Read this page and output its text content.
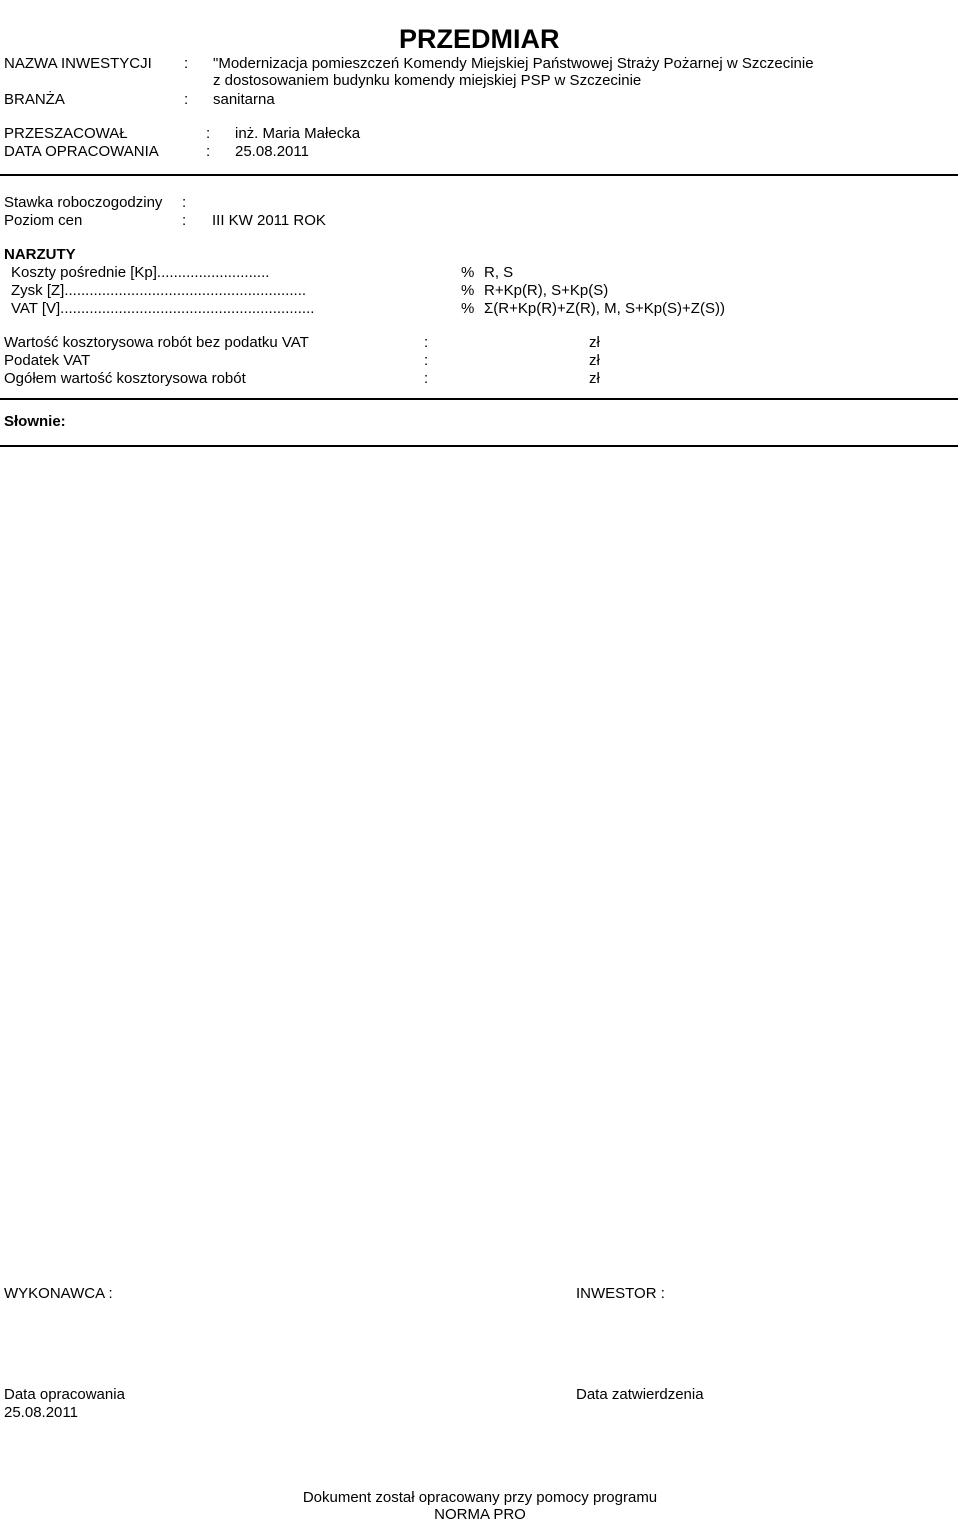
PRZEDMIAR
NAZWA INWESTYCJI : "Modernizacja pomieszczeń Komendy Miejskiej Państwowej Straży Pożarnej w Szczecinie
z dostosowaniem budynku komendy miejskiej PSP w Szczecinie
BRANŻA	: sanitarna
PRZESZACOWAŁ	: inż. Maria Małecka
DATA OPRACOWANIA	: 25.08.2011
Stawka roboczogodziny :
Poziom cen	: III KW 2011 ROK
NARZUTY
Koszty pośrednie [Kp]...........................	% R, S
Zysk [Z]..........................................................	% R+Kp(R), S+Kp(S)
VAT [V].............................................................	% Σ(R+Kp(R)+Z(R), M, S+Kp(S)+Z(S))
Wartość kosztorysowa robót bez podatku VAT	:	zł
Podatek VAT	:	zł
Ogółem wartość kosztorysowa robót	:	zł
Słownie:
WYKONAWCA :	INWESTOR :
Data opracowania
25.08.2011
Data zatwierdzenia
Dokument został opracowany przy pomocy programu
NORMA PRO
